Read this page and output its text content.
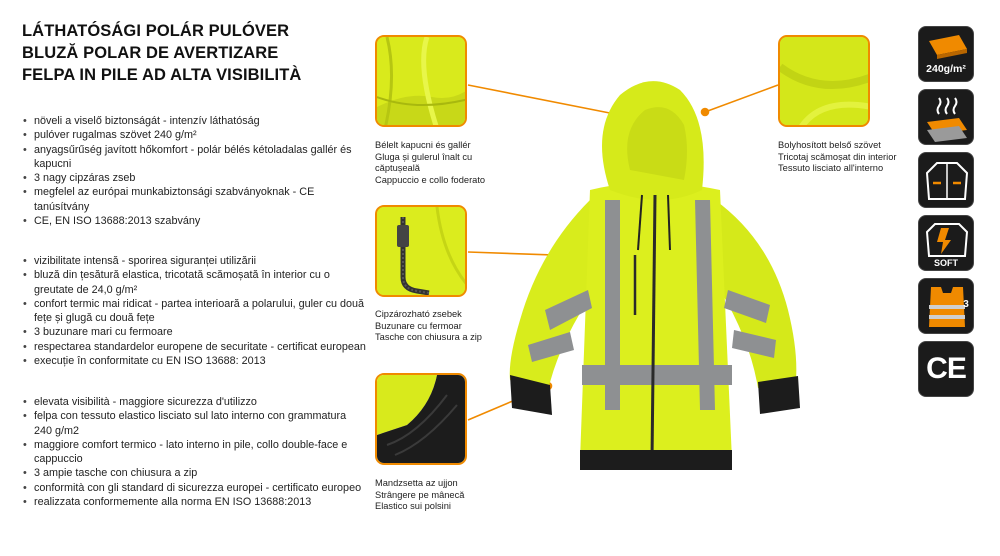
LÁTHATÓSÁGI POLÁR PULÓVER
BLUZĂ POLAR DE AVERTIZARE
FELPA IN PILE AD ALTA VISIBILITÀ
• növeli a viselő biztonságát - intenzív láthatóság
• pulóver rugalmas szövet 240 g/m²
• anyagsűrűség javított hőkomfort - polár bélés kétoladalas gallér és kapucni
• 3 nagy cipzáras zseb
• megfelel az európai munkabiztonsági szabványoknak - CE tanúsítvány
• CE, EN ISO 13688:2013 szabvány
• vizibilitate intensă - sporirea siguranței utilizării
• bluză din țesătură elastica, tricotată scămoșată în interior cu o greutate de 24,0 g/m²
• confort termic mai ridicat - partea interioară a polarului, guler cu două fețe și glugă cu două fețe
• 3 buzunare mari cu fermoare
• respectarea standardelor europene de securitate - certificat european
• execuție în conformitate cu EN ISO 13688: 2013
• elevata visibilità - maggiore sicurezza d'utilizzo
• felpa con tessuto elastico lisciato sul lato interno con grammatura 240 g/m2
• maggiore comfort termico - lato interno in pile, collo double-face e cappuccio
• 3 ampie tasche con chiusura a zip
• conformità con gli standard di sicurezza europei - certificato europeo
• realizzata conformemente alla norma EN ISO 13688:2013
Bélelt kapucni és gallér
Gluga și gulerul înalt cu căptușeală
Cappuccio e collo foderato
Cipzározható zsebek
Buzunare cu fermoar
Tasche con chiusura a zip
Mandzsetta az ujjon
Strângere pe mânecă
Elastico sui polsini
Bolyhosított belső szövet
Tricotaj scămoșat din interior
Tessuto lisciato all'interno
240g/m²
SOFT
3
CE
